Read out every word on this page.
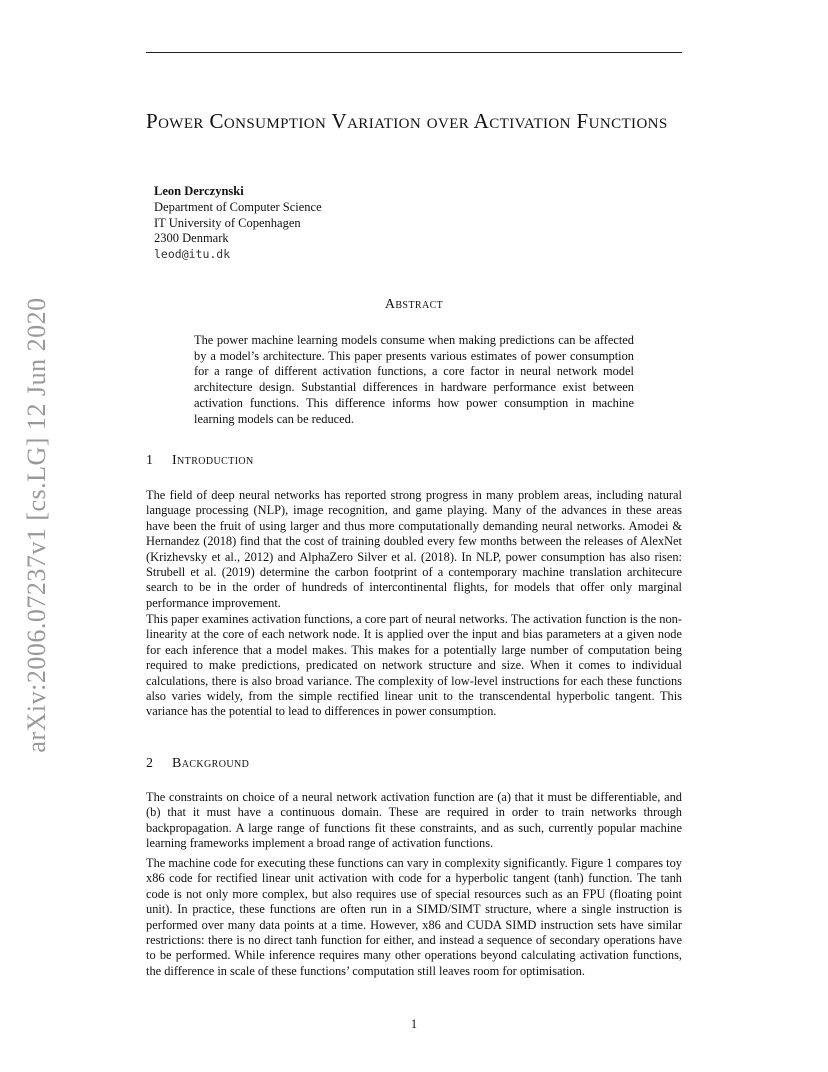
arXiv:2006.07237v1 [cs.LG] 12 Jun 2020
Power Consumption Variation over Activation Functions
Leon Derczynski
Department of Computer Science
IT University of Copenhagen
2300 Denmark
leod@itu.dk
Abstract
The power machine learning models consume when making predictions can be affected by a model’s architecture. This paper presents various estimates of power consumption for a range of different activation functions, a core factor in neural network model architecture design. Substantial differences in hardware performance exist between activation functions. This difference informs how power consumption in machine learning models can be reduced.
1 Introduction

The field of deep neural networks has reported strong progress in many problem areas, including natural language processing (NLP), image recognition, and game playing. Many of the advances in these areas have been the fruit of using larger and thus more computationally demanding neural networks. Amodei & Hernandez (2018) find that the cost of training doubled every few months between the releases of AlexNet (Krizhevsky et al., 2012) and AlphaZero Silver et al. (2018). In NLP, power consumption has also risen: Strubell et al. (2019) determine the carbon footprint of a contemporary machine translation architecure search to be in the order of hundreds of intercontinental flights, for models that offer only marginal performance improvement.

This paper examines activation functions, a core part of neural networks. The activation function is the non-linearity at the core of each network node. It is applied over the input and bias parameters at a given node for each inference that a model makes. This makes for a potentially large number of computation being required to make predictions, predicated on network structure and size. When it comes to individual calculations, there is also broad variance. The complexity of low-level instructions for each these functions also varies widely, from the simple rectified linear unit to the transcendental hyperbolic tangent. This variance has the potential to lead to differences in power consumption.

2 Background

The constraints on choice of a neural network activation function are (a) that it must be differentiable, and (b) that it must have a continuous domain. These are required in order to train networks through backpropagation. A large range of functions fit these constraints, and as such, currently popular machine learning frameworks implement a broad range of activation functions.

The machine code for executing these functions can vary in complexity significantly. Figure 1 compares toy x86 code for rectified linear unit activation with code for a hyperbolic tangent (tanh) function. The tanh code is not only more complex, but also requires use of special resources such as an FPU (floating point unit). In practice, these functions are often run in a SIMD/SIMT structure, where a single instruction is performed over many data points at a time. However, x86 and CUDA SIMD instruction sets have similar restrictions: there is no direct tanh function for either, and instead a sequence of secondary operations have to be performed. While inference requires many other operations beyond calculating activation functions, the difference in scale of these functions’ computation still leaves room for optimisation.

1
